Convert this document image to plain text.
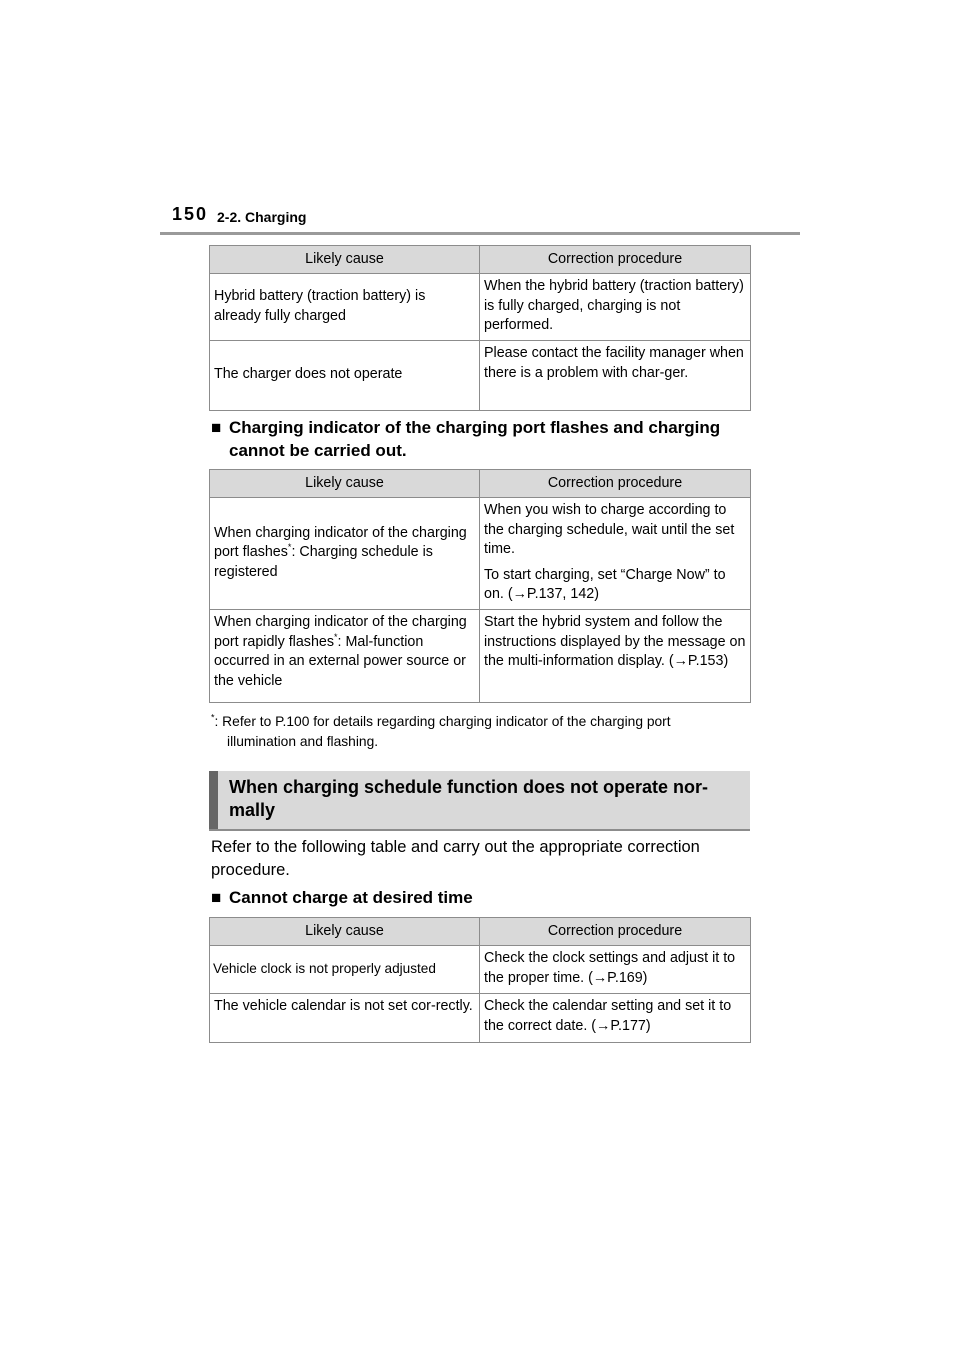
150 2-2. Charging
Likely cause	Correction procedure
Hybrid battery (traction battery) is already fully charged	When the hybrid battery (traction battery) is fully charged, charging is not performed.
The charger does not operate	Please contact the facility manager when there is a problem with char-ger.
■ Charging indicator of the charging port flashes and charging cannot be carried out.
Likely cause	Correction procedure
When charging indicator of the charging port flashes*: Charging schedule is registered	When you wish to charge according to the charging schedule, wait until the set time.
To start charging, set “Charge Now” to on. (→P.137, 142)

When charging indicator of the charging port rapidly flashes*: Mal-function occurred in an external power source or the vehicle	Start the hybrid system and follow the instructions displayed by the message on the multi-information display. (→P.153)
*: Refer to P.100 for details regarding charging indicator of the charging port
illumination and flashing.
When charging schedule function does not operate nor-mally
Refer to the following table and carry out the appropriate correction procedure.
■ Cannot charge at desired time
Likely cause	Correction procedure
Vehicle clock is not properly adjusted	Check the clock settings and adjust it to the proper time. (→P.169)
The vehicle calendar is not set cor-rectly.	Check the calendar setting and set it to the correct date. (→P.177)
